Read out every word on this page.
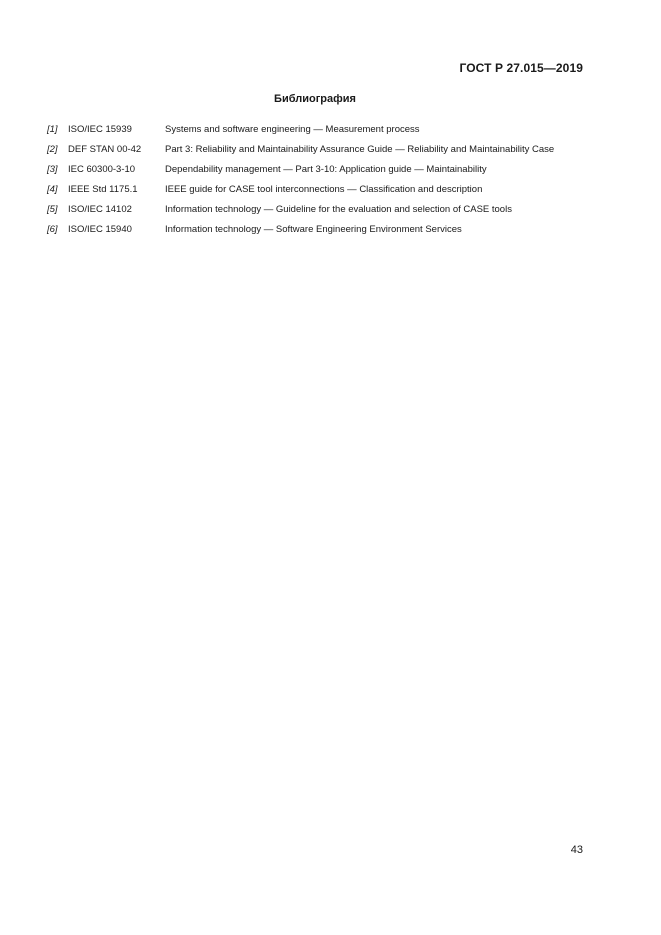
ГОСТ Р 27.015—2019
Библиография
[1] ISO/IEC 15939	Systems and software engineering — Measurement process
[2] DEF STAN 00-42	Part 3: Reliability and Maintainability Assurance Guide — Reliability and Maintainability Case
[3] IEC 60300-3-10	Dependability management — Part 3-10: Application guide — Maintainability
[4] IEEE Std 1175.1	IEEE guide for CASE tool interconnections — Classification and description
[5] ISO/IEC 14102	Information technology — Guideline for the evaluation and selection of CASE tools
[6] ISO/IEC 15940	Information technology — Software Engineering Environment Services
43
